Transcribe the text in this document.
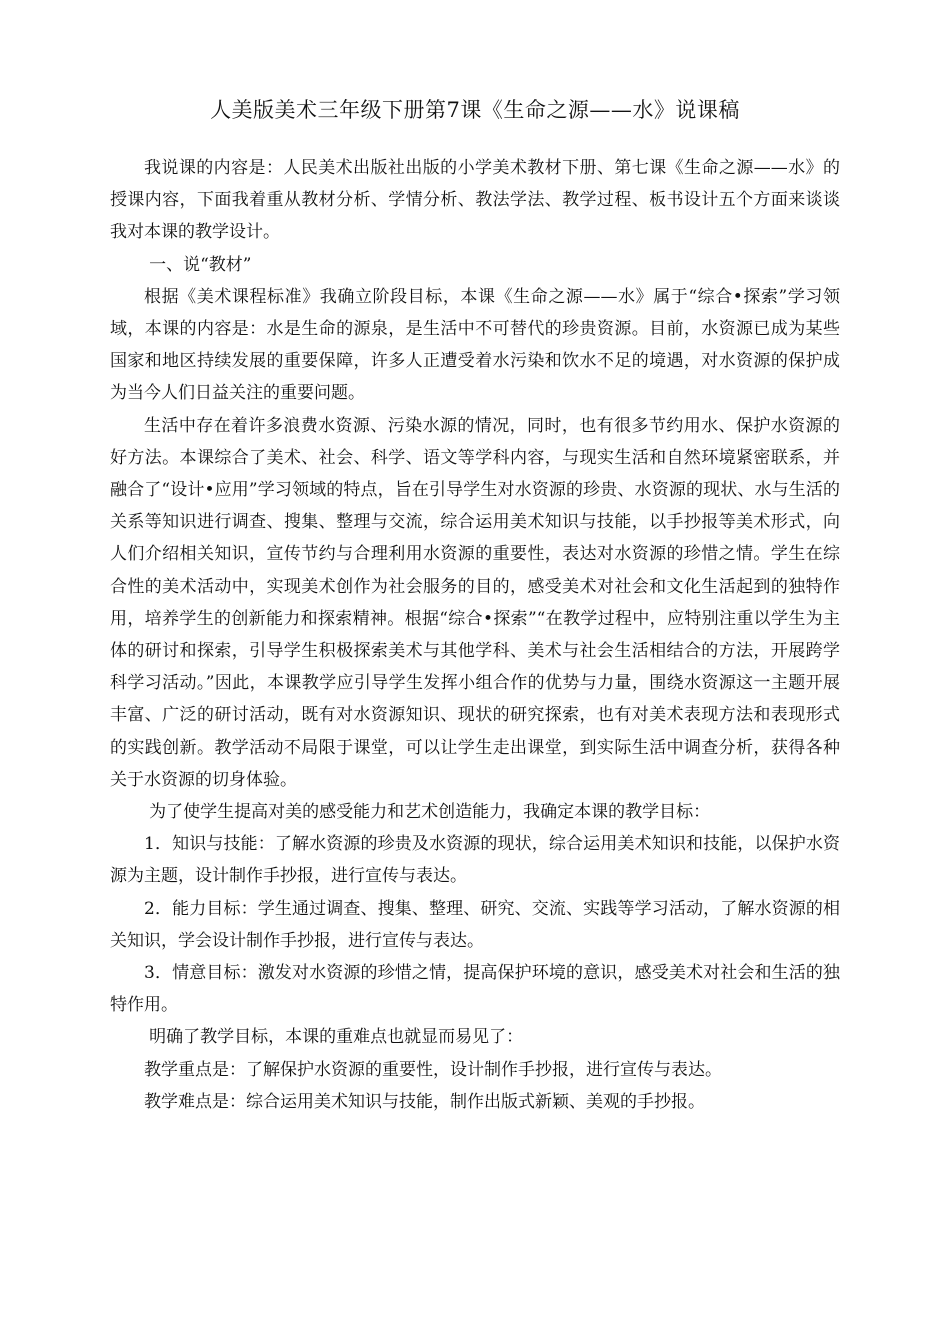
人美版美术三年级下册第7课《生命之源——水》说课稿

我说课的内容是：人民美术出版社出版的小学美术教材下册、第七课《生命之源——水》的授课内容，下面我着重从教材分析、学情分析、教法学法、教学过程、板书设计五个方面来谈谈我对本课的教学设计。

一、说“教材”

根据《美术课程标准》我确立阶段目标，本课《生命之源——水》属于“综合•探索”学习领域，本课的内容是：水是生命的源泉，是生活中不可替代的珍贵资源。目前，水资源已成为某些国家和地区持续发展的重要保障，许多人正遭受着水污染和饮水不足的境遇，对水资源的保护成为当今人们日益关注的重要问题。

生活中存在着许多浪费水资源、污染水源的情况，同时，也有很多节约用水、保护水资源的好方法。本课综合了美术、社会、科学、语文等学科内容，与现实生活和自然环境紧密联系，并融合了“设计•应用”学习领域的特点，旨在引导学生对水资源的珍贵、水资源的现状、水与生活的关系等知识进行调查、搜集、整理与交流，综合运用美术知识与技能，以手抄报等美术形式，向人们介绍相关知识，宣传节约与合理利用水资源的重要性，表达对水资源的珍惜之情。学生在综合性的美术活动中，实现美术创作为社会服务的目的，感受美术对社会和文化生活起到的独特作用，培养学生的创新能力和探索精神。根据“综合•探索”“在教学过程中，应特别注重以学生为主体的研讨和探索，引导学生积极探索美术与其他学科、美术与社会生活相结合的方法，开展跨学科学习活动。”因此，本课教学应引导学生发挥小组合作的优势与力量，围绕水资源这一主题开展丰富、广泛的研讨活动，既有对水资源知识、现状的研究探索，也有对美术表现方法和表现形式的实践创新。教学活动不局限于课堂，可以让学生走出课堂，到实际生活中调查分析，获得各种关于水资源的切身体验。

为了使学生提高对美的感受能力和艺术创造能力，我确定本课的教学目标：

1．知识与技能：了解水资源的珍贵及水资源的现状，综合运用美术知识和技能，以保护水资源为主题，设计制作手抄报，进行宣传与表达。

2．能力目标：学生通过调查、搜集、整理、研究、交流、实践等学习活动，了解水资源的相关知识，学会设计制作手抄报，进行宣传与表达。

3．情意目标：激发对水资源的珍惜之情，提高保护环境的意识，感受美术对社会和生活的独特作用。

明确了教学目标，本课的重难点也就显而易见了：

教学重点是：了解保护水资源的重要性，设计制作手抄报，进行宣传与表达。

教学难点是：综合运用美术知识与技能，制作出版式新颖、美观的手抄报。
